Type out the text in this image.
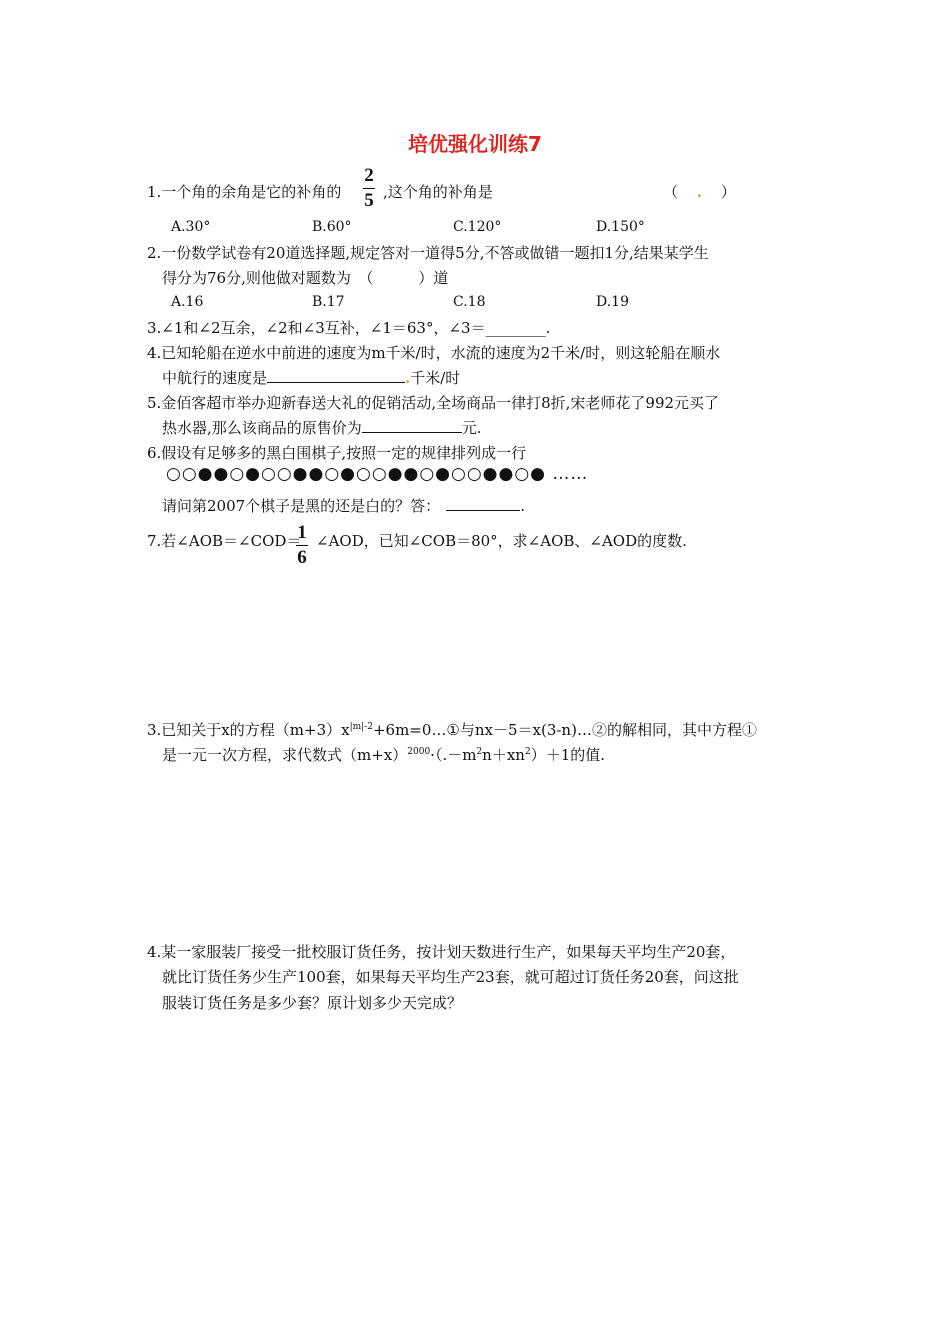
培优强化训练7
1.一个角的余角是它的补角的
2
5 ,这个角的补角是	（ . ）
A.30°	B.60°	C.120°	D.150°
2.一份数学试卷有20道选择题,规定答对一道得5分,不答或做错一题扣1分,结果某学生
得分为76分,则他做对题数为　（　　　）道
A.16	B.17	C.18	D.19
3.∠1和∠2互余，∠2和∠3互补，∠1＝63°，∠3＝________.
4.已知轮船在逆水中前进的速度为m千米/时，水流的速度为2千米/时，则这轮船在顺水
中航行的速度是	.千米/时
5.金佰客超市举办迎新春送大礼的促销活动,全场商品一律打8折,宋老师花了992元买了
热水器,那么该商品的原售价为	元.
6.假设有足够多的黑白围棋子,按照一定的规律排列成一行
○○●●○●○○●●○●○○●●○●○○●●○● ……
请问第2007个棋子是黑的还是白的？答：	.
7.若∠AOB＝∠COD＝
1
6
∠AOD，已知∠COB＝80°，求∠AOB、∠AOD的度数.
3.已知关于x的方程$(m+3)x^{|m|-2}+6m=0\dots ①$与nx－5＝x(3-n)…②的解相同，其中方程①
是一元一次方程，求代数式$(m+x)^{2000}\cdot(.-m^2n+xn^2)+1$的值.
4.某一家服装厂接受一批校服订货任务，按计划天数进行生产，如果每天平均生产20套，
就比订货任务少生产100套，如果每天平均生产23套，就可超过订货任务20套，问这批
服装订货任务是多少套？原计划多少天完成？
